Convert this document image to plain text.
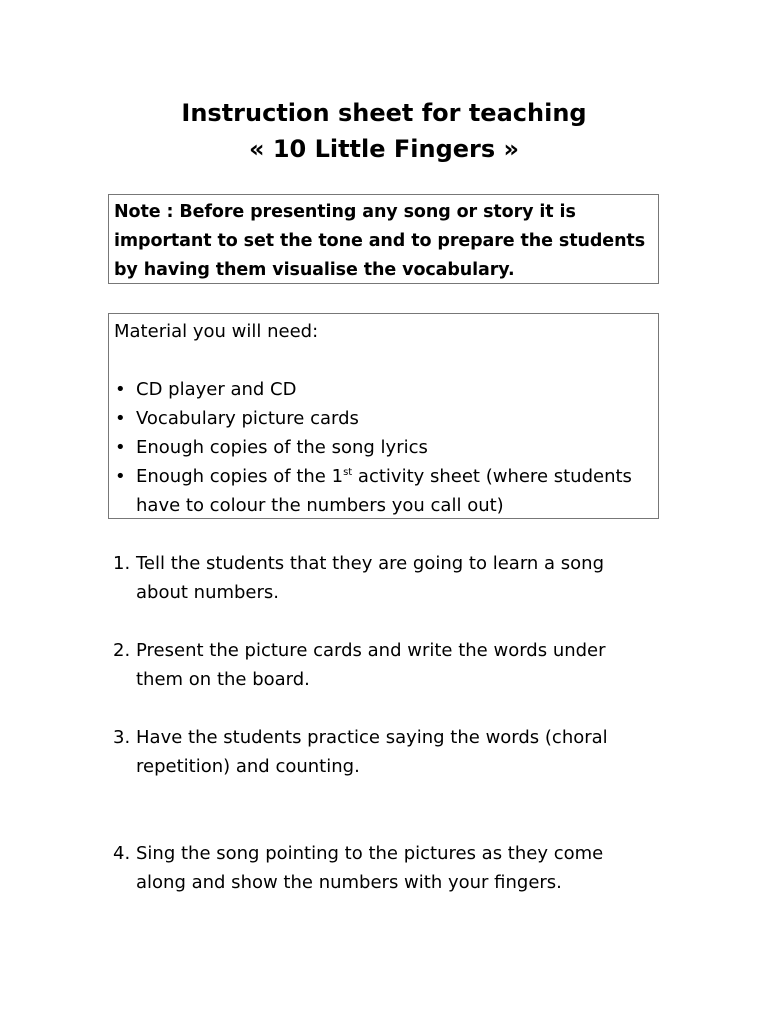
Instruction sheet for teaching
« 10 Little Fingers »
Note : Before presenting any song or story it is important to set the tone and to prepare the students by having them visualise the vocabulary.
Material you will need:
• CD player and CD
• Vocabulary picture cards
• Enough copies of the song lyrics
• Enough copies of the 1st activity sheet (where students have to colour the numbers you call out)
1. Tell the students that they are going to learn a song about numbers.
2. Present the picture cards and write the words under them on the board.
3. Have the students practice saying the words (choral repetition) and counting.
4. Sing the song pointing to the pictures as they come along and show the numbers with your fingers.
